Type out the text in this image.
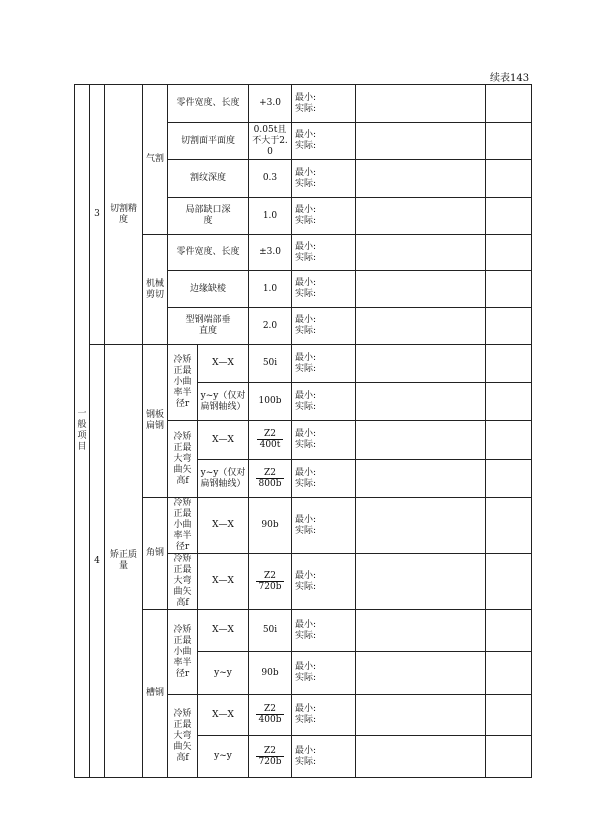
续表143
一般项目	3	切割精度	气割	零件宽度、长度		+3.0	最小:
实际:		

				切割面平面度		0.05t且不大于2.0	最小:
实际:		

				割纹深度		0.3	最小:
实际:		

				局部缺口深度		1.0	最小:
实际:		

			机械剪切	零件宽度、长度		±3.0	最小:
实际:		

				边缘缺棱		1.0	最小:
实际:		

				型钢端部垂直度		2.0	最小:
实际:		

	4	矫正质量	钢板扁钢	冷矫正最小曲率半径r	X—X	50i	最小:
实际:		

					y~y（仅对扁钢轴线）	100b	最小:
实际:		

				冷矫正最大弯曲矢高f	X—X	$\frac{Z2}{400t}$	最小:
实际:		

					y~y（仅对扁钢轴线）	$\frac{Z2}{800b}$	最小:
实际:		

			角钢	冷矫正最小曲率半径r	X—X	90b	最小:
实际:		

				冷矫正最大弯曲矢高f	X—X	$\frac{Z2}{720b}$	最小:
实际:		

			槽钢	冷矫正最小曲率半径r	X—X	50i	最小:
实际:		

					y~y	90b	最小:
实际:		

				冷矫正最大弯曲矢高f	X—X	$\frac{Z2}{400b}$	最小:
实际:		

					y~y	$\frac{Z2}{720b}$	最小:
实际:		
